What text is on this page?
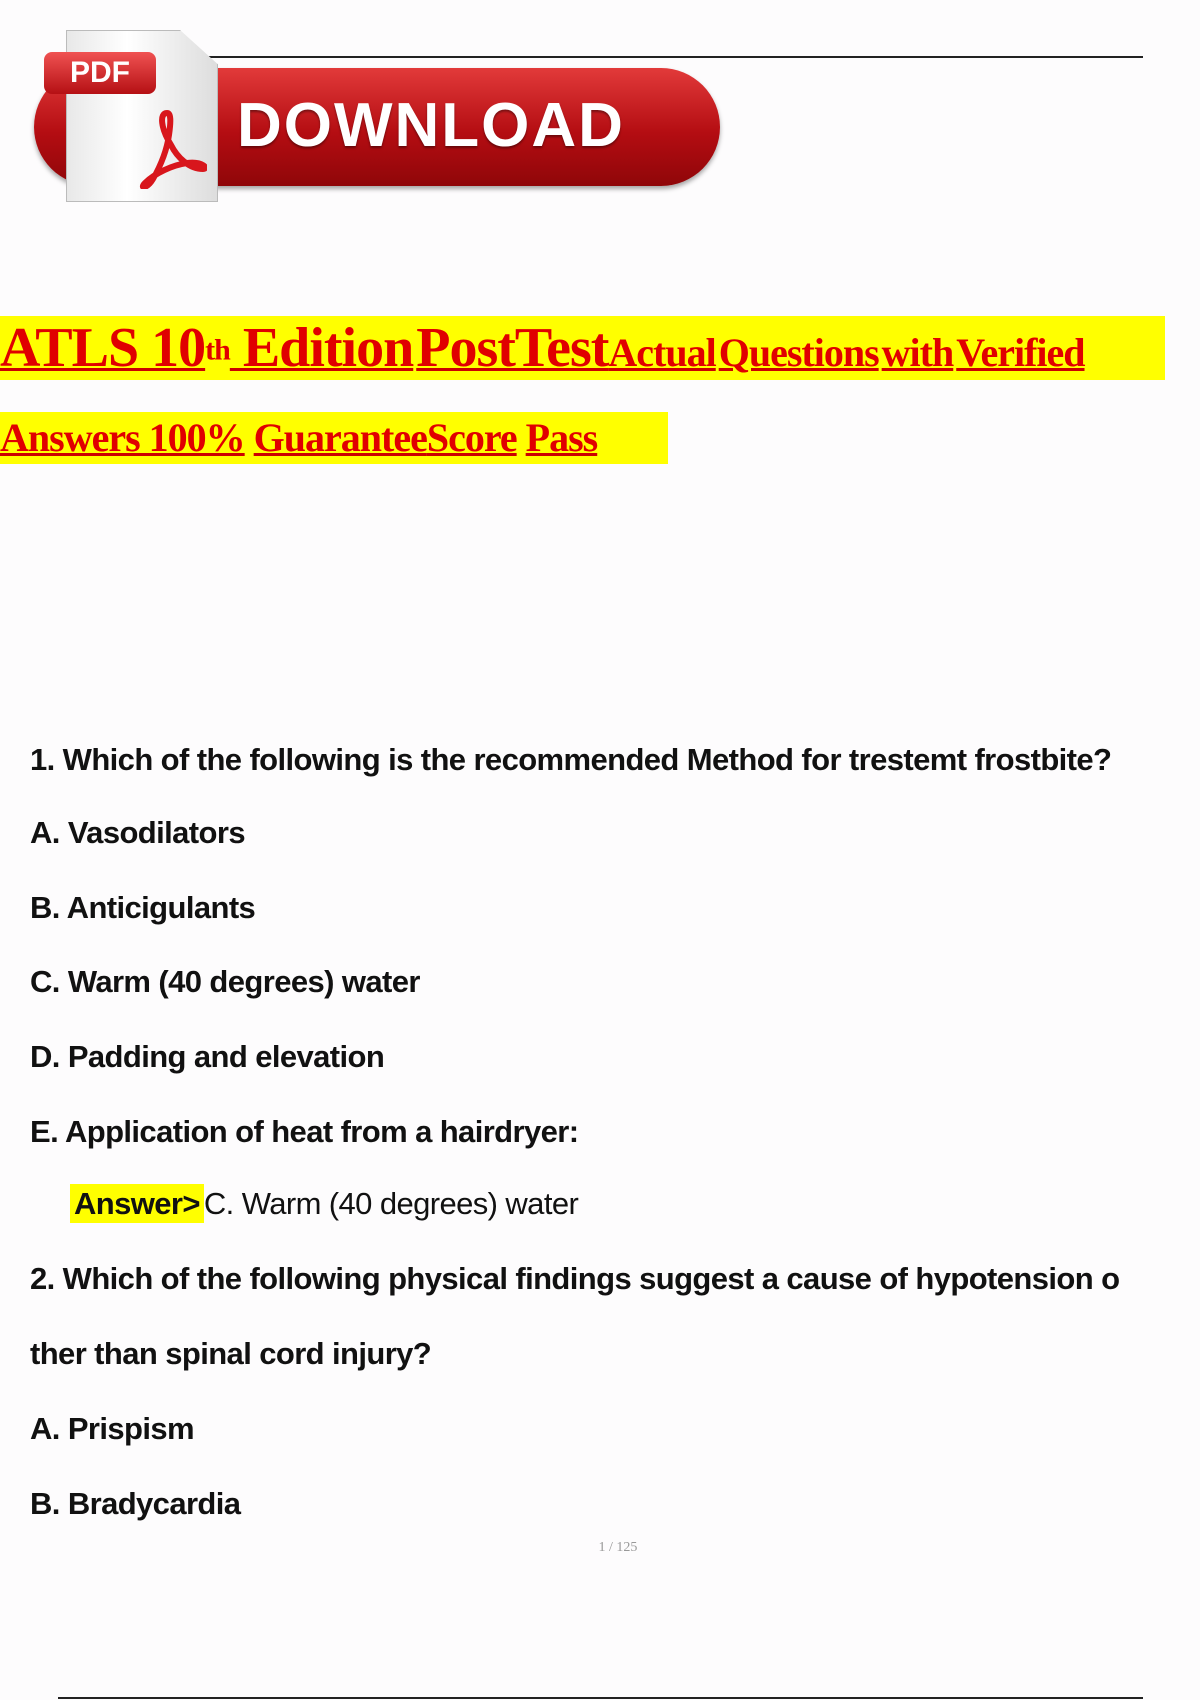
DOWNLOAD
PDF
ATLS 10th Edition PostTestActual Questions with Verified
Answers 100% GuaranteeScore Pass
1. Which of the following is the recommended Method for trestemt frostbite?
A. Vasodilators
B. Anticigulants
C. Warm (40 degrees) water
D. Padding and elevation
E. Application of heat from a hairdryer:
Answer> C. Warm (40 degrees) water
2. Which of the following physical findings suggest a cause of hypotension o
ther than spinal cord injury?
A. Prispism
B. Bradycardia
1 / 125
